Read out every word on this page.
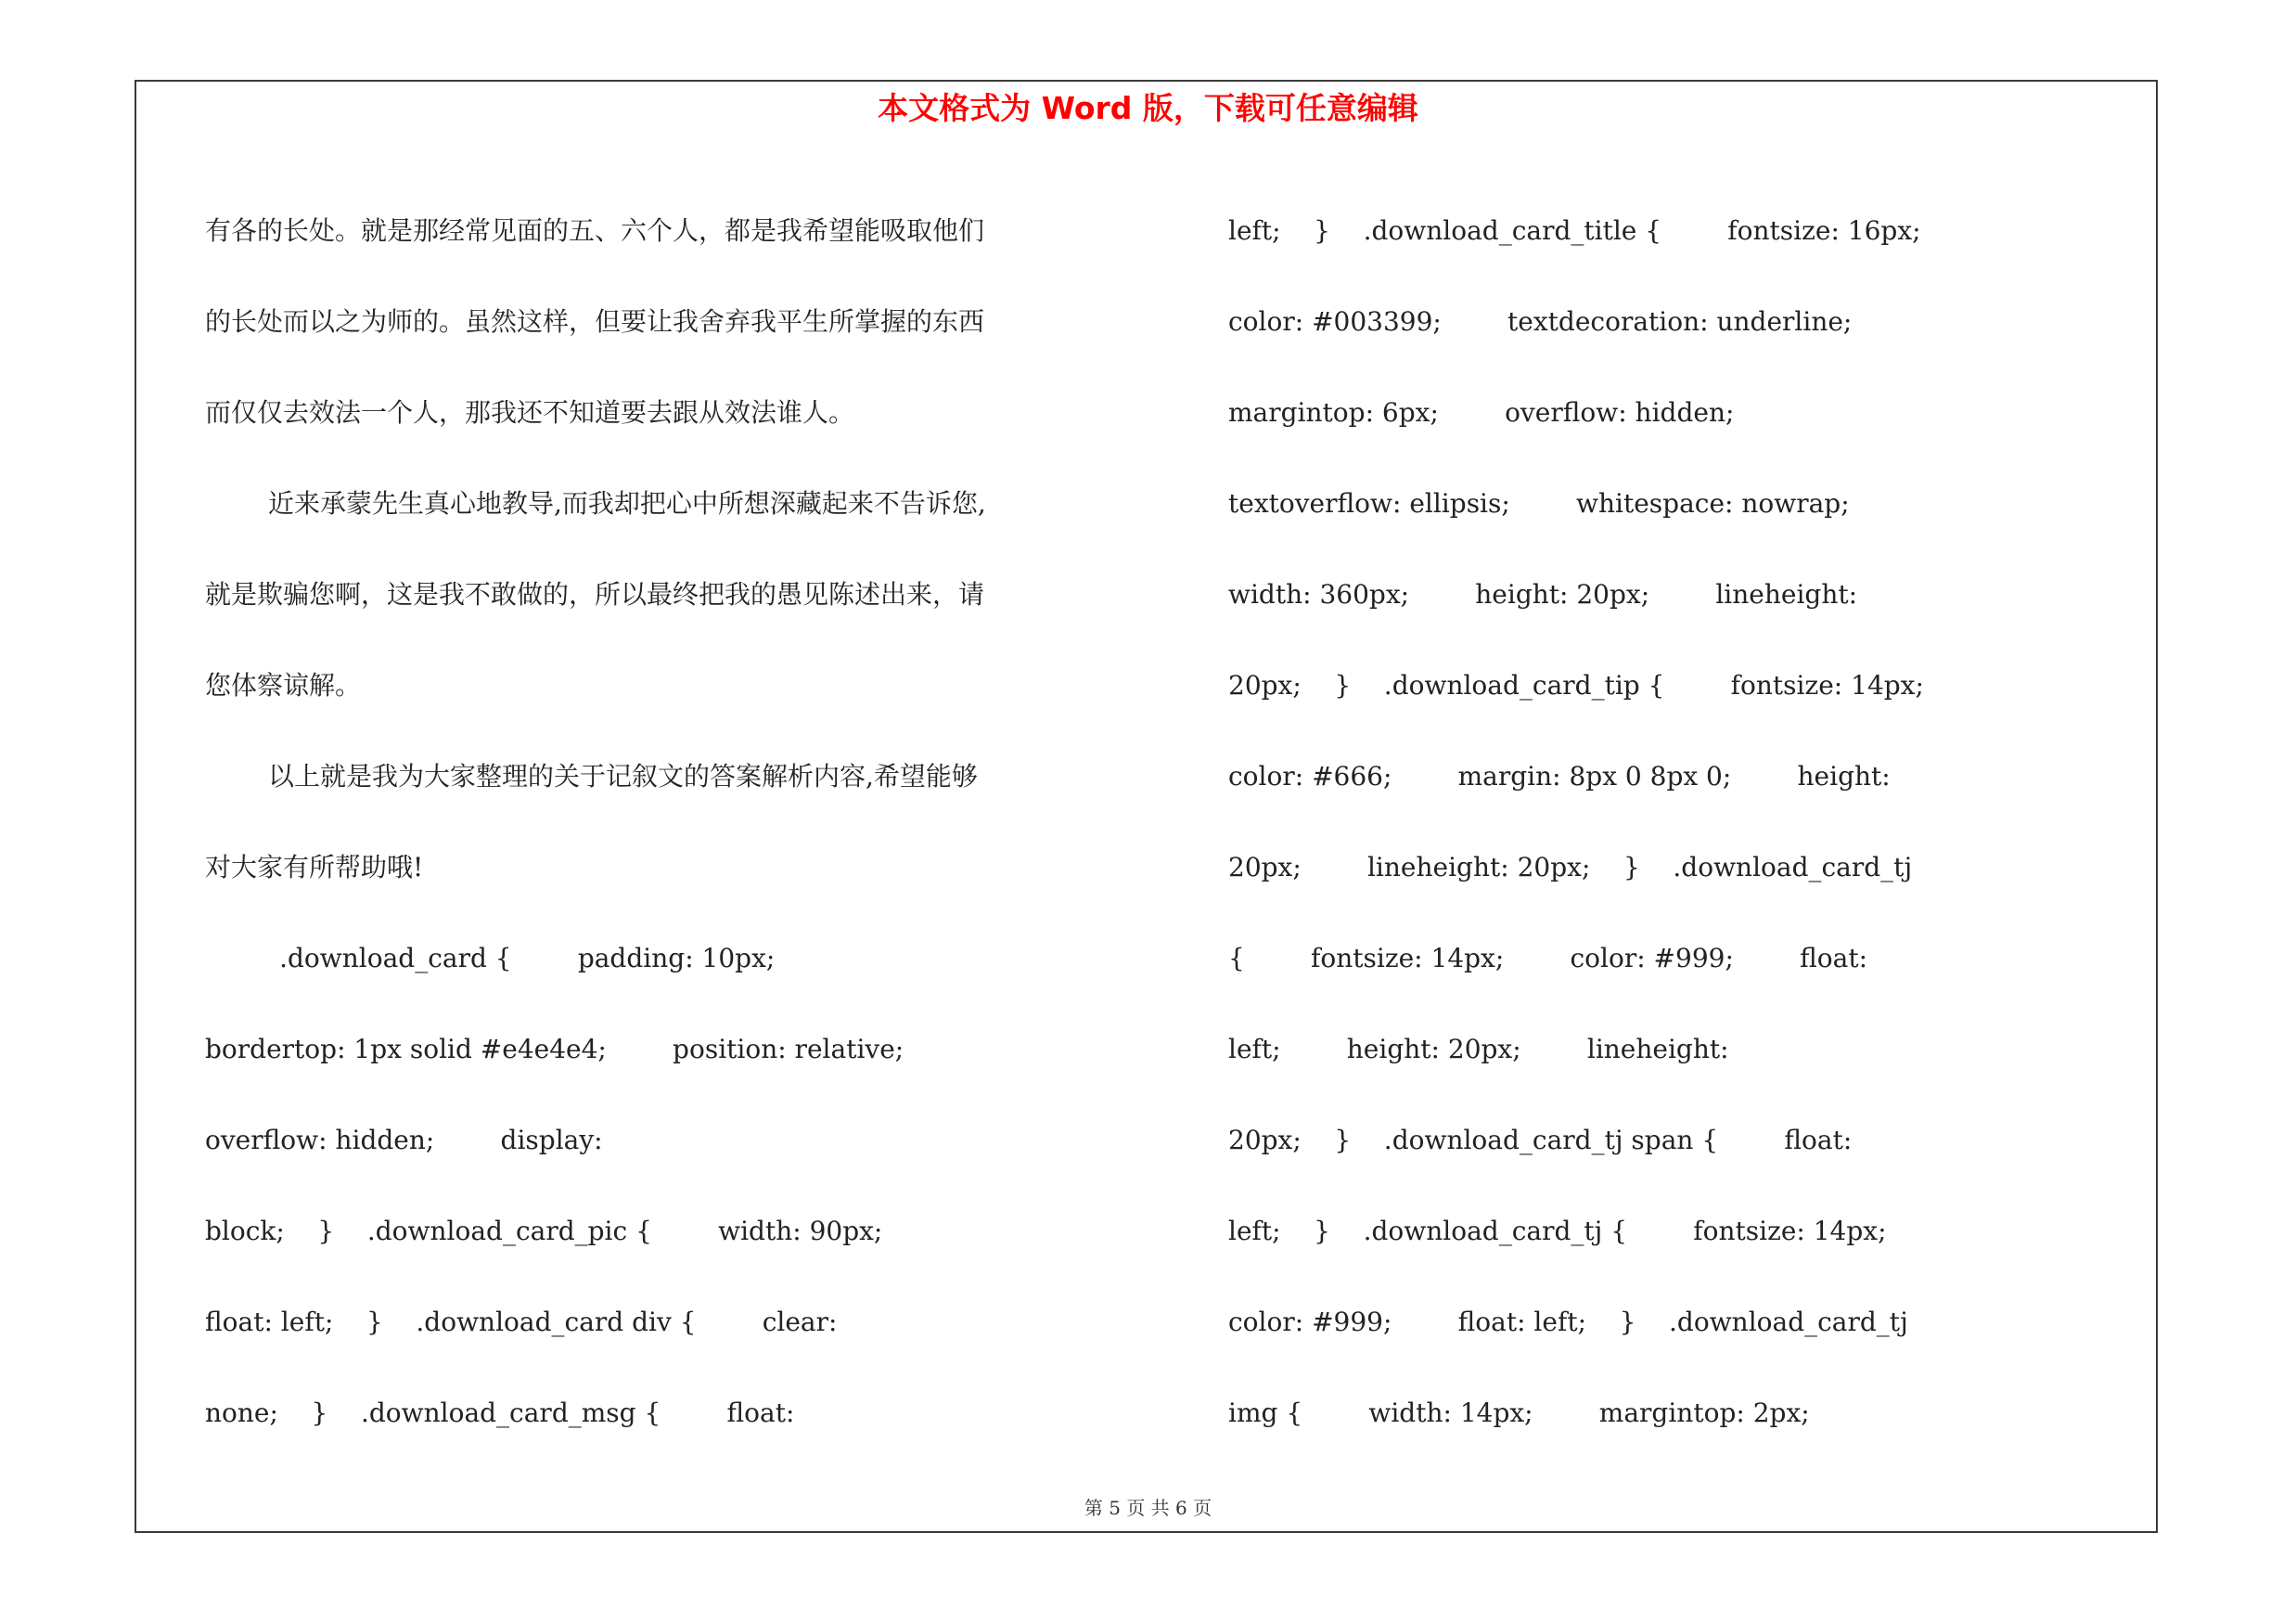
本文格式为 Word 版，下载可任意编辑
有各的长处。就是那经常见面的五、六个人，都是我希望能吸取他们
的长处而以之为师的。虽然这样，但要让我舍弃我平生所掌握的东西
而仅仅去效法一个人，那我还不知道要去跟从效法谁人。
近来承蒙先生真心地教导,而我却把心中所想深藏起来不告诉您,
就是欺骗您啊，这是我不敢做的，所以最终把我的愚见陈述出来，请
您体察谅解。
以上就是我为大家整理的关于记叙文的答案解析内容,希望能够
对大家有所帮助哦!
.download_card {        padding: 10px;
bordertop: 1px solid #e4e4e4;        position: relative;
overflow: hidden;        display:
block;    }    .download_card_pic {        width: 90px;
float: left;    }    .download_card div {        clear:
none;    }    .download_card_msg {        float:
left;    }    .download_card_title {        fontsize: 16px;
color: #003399;        textdecoration: underline;
margintop: 6px;        overflow: hidden;
textoverflow: ellipsis;        whitespace: nowrap;
width: 360px;        height: 20px;        lineheight:
20px;    }    .download_card_tip {        fontsize: 14px;
color: #666;        margin: 8px 0 8px 0;        height:
20px;        lineheight: 20px;    }    .download_card_tj
{        fontsize: 14px;        color: #999;        float:
left;        height: 20px;        lineheight:
20px;    }    .download_card_tj span {        float:
left;    }    .download_card_tj {        fontsize: 14px;
color: #999;        float: left;    }    .download_card_tj
img {        width: 14px;        margintop: 2px;
第 5 页 共 6 页
